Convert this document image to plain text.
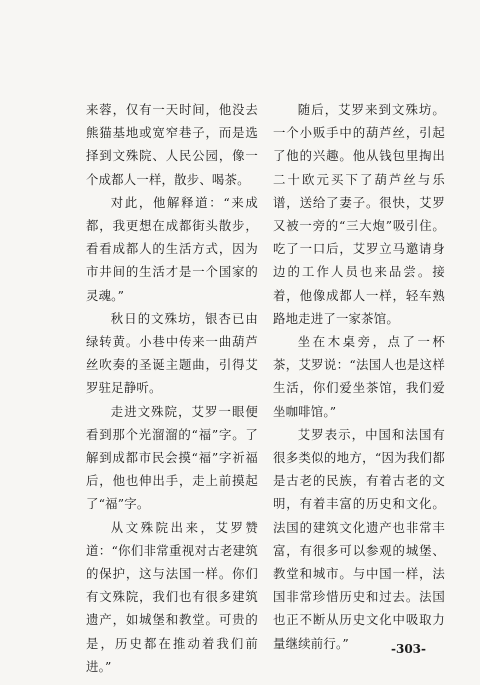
来蓉，仅有一天时间，他没去熊猫基地或宽窄巷子，而是选择到文殊院、人民公园，像一个成都人一样，散步、喝茶。

对此，他解释道：“来成都，我更想在成都街头散步，看看成都人的生活方式，因为市井间的生活才是一个国家的灵魂。”

秋日的文殊坊，银杏已由绿转黄。小巷中传来一曲葫芦丝吹奏的圣诞主题曲，引得艾罗驻足静听。

走进文殊院，艾罗一眼便看到那个光溜溜的“福”字。了解到成都市民会摸“福”字祈福后，他也伸出手，走上前摸起了“福”字。

从文殊院出来，艾罗赞道：“你们非常重视对古老建筑的保护，这与法国一样。你们有文殊院，我们也有很多建筑遗产，如城堡和教堂。可贵的是，历史都在推动着我们前进。”

随后，艾罗来到文殊坊。一个小贩手中的葫芦丝，引起了他的兴趣。他从钱包里掏出二十欧元买下了葫芦丝与乐谱，送给了妻子。很快，艾罗又被一旁的“三大炮”吸引住。吃了一口后，艾罗立马邀请身边的工作人员也来品尝。接着，他像成都人一样，轻车熟路地走进了一家茶馆。

坐在木桌旁，点了一杯茶，艾罗说：“法国人也是这样生活，你们爱坐茶馆，我们爱坐咖啡馆。”

艾罗表示，中国和法国有很多类似的地方，“因为我们都是古老的民族，有着古老的文明，有着丰富的历史和文化。法国的建筑文化遗产也非常丰富，有很多可以参观的城堡、教堂和城市。与中国一样，法国非常珍惜历史和过去。法国也正不断从历史文化中吸取力量继续前行。”	-303-
